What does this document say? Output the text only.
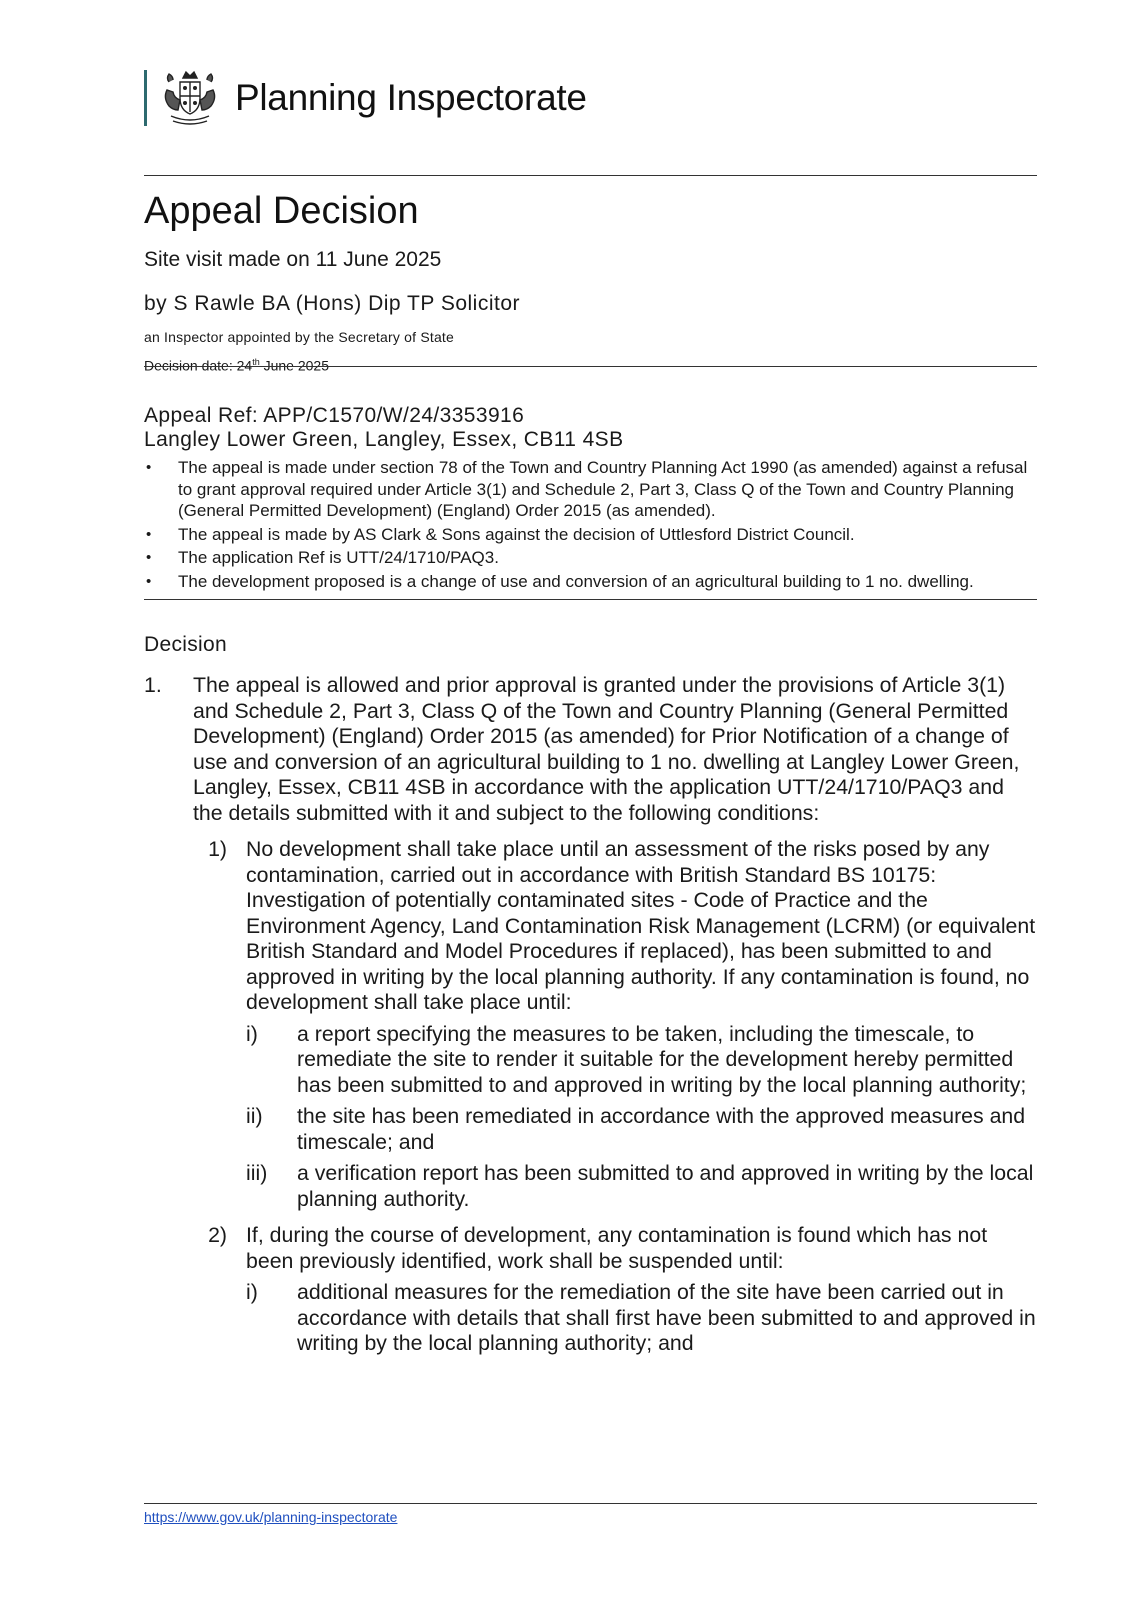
Planning Inspectorate
Appeal Decision
Site visit made on 11 June 2025
by S Rawle BA (Hons) Dip TP Solicitor
an Inspector appointed by the Secretary of State
Decision date: 24th June 2025
Appeal Ref: APP/C1570/W/24/3353916
Langley Lower Green, Langley, Essex, CB11 4SB
• The appeal is made under section 78 of the Town and Country Planning Act 1990 (as amended) against a refusal to grant approval required under Article 3(1) and Schedule 2, Part 3, Class Q of the Town and Country Planning (General Permitted Development) (England) Order 2015 (as amended).
• The appeal is made by AS Clark & Sons against the decision of Uttlesford District Council.
• The application Ref is UTT/24/1710/PAQ3.
• The development proposed is a change of use and conversion of an agricultural building to 1 no. dwelling.
Decision
1. The appeal is allowed and prior approval is granted under the provisions of Article 3(1) and Schedule 2, Part 3, Class Q of the Town and Country Planning (General Permitted Development) (England) Order 2015 (as amended) for Prior Notification of a change of use and conversion of an agricultural building to 1 no. dwelling at Langley Lower Green, Langley, Essex, CB11 4SB in accordance with the application UTT/24/1710/PAQ3 and the details submitted with it and subject to the following conditions:
1) No development shall take place until an assessment of the risks posed by any contamination, carried out in accordance with British Standard BS 10175: Investigation of potentially contaminated sites - Code of Practice and the Environment Agency, Land Contamination Risk Management (LCRM) (or equivalent British Standard and Model Procedures if replaced), has been submitted to and approved in writing by the local planning authority. If any contamination is found, no development shall take place until:
i) a report specifying the measures to be taken, including the timescale, to remediate the site to render it suitable for the development hereby permitted has been submitted to and approved in writing by the local planning authority;
ii) the site has been remediated in accordance with the approved measures and timescale; and
iii) a verification report has been submitted to and approved in writing by the local planning authority.
2) If, during the course of development, any contamination is found which has not been previously identified, work shall be suspended until:
i) additional measures for the remediation of the site have been carried out in accordance with details that shall first have been submitted to and approved in writing by the local planning authority; and
https://www.gov.uk/planning-inspectorate
